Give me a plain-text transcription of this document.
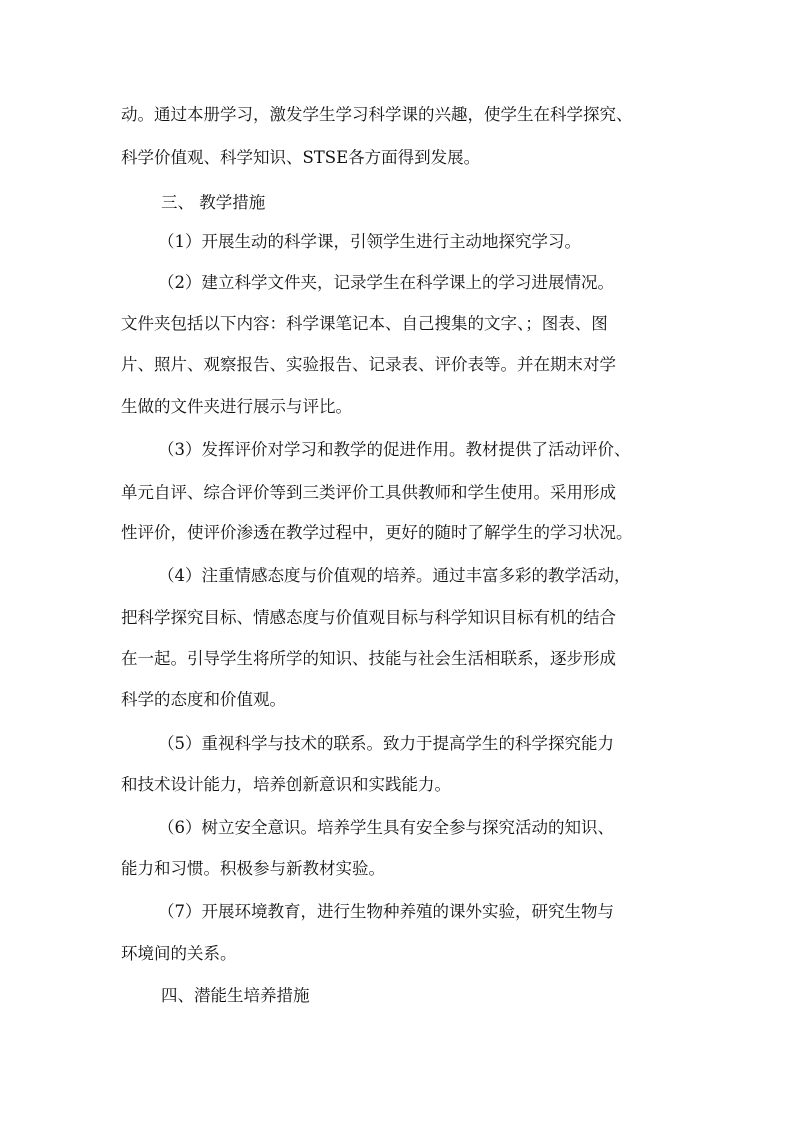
动。通过本册学习，激发学生学习科学课的兴趣，使学生在科学探究、
科学价值观、科学知识、STSE各方面得到发展。
三、 教学措施
（1）开展生动的科学课，引领学生进行主动地探究学习。
（2）建立科学文件夹，记录学生在科学课上的学习进展情况。
文件夹包括以下内容：科学课笔记本、自己搜集的文字、；图表、图
片、照片、观察报告、实验报告、记录表、评价表等。并在期末对学
生做的文件夹进行展示与评比。
（3）发挥评价对学习和教学的促进作用。教材提供了活动评价、
单元自评、综合评价等到三类评价工具供教师和学生使用。采用形成
性评价，使评价渗透在教学过程中，更好的随时了解学生的学习状况。
（4）注重情感态度与价值观的培养。通过丰富多彩的教学活动，
把科学探究目标、情感态度与价值观目标与科学知识目标有机的结合
在一起。引导学生将所学的知识、技能与社会生活相联系，逐步形成
科学的态度和价值观。
（5）重视科学与技术的联系。致力于提高学生的科学探究能力
和技术设计能力，培养创新意识和实践能力。
（6）树立安全意识。培养学生具有安全参与探究活动的知识、
能力和习惯。积极参与新教材实验。
（7）开展环境教育，进行生物种养殖的课外实验，研究生物与
环境间的关系。
四、潜能生培养措施
